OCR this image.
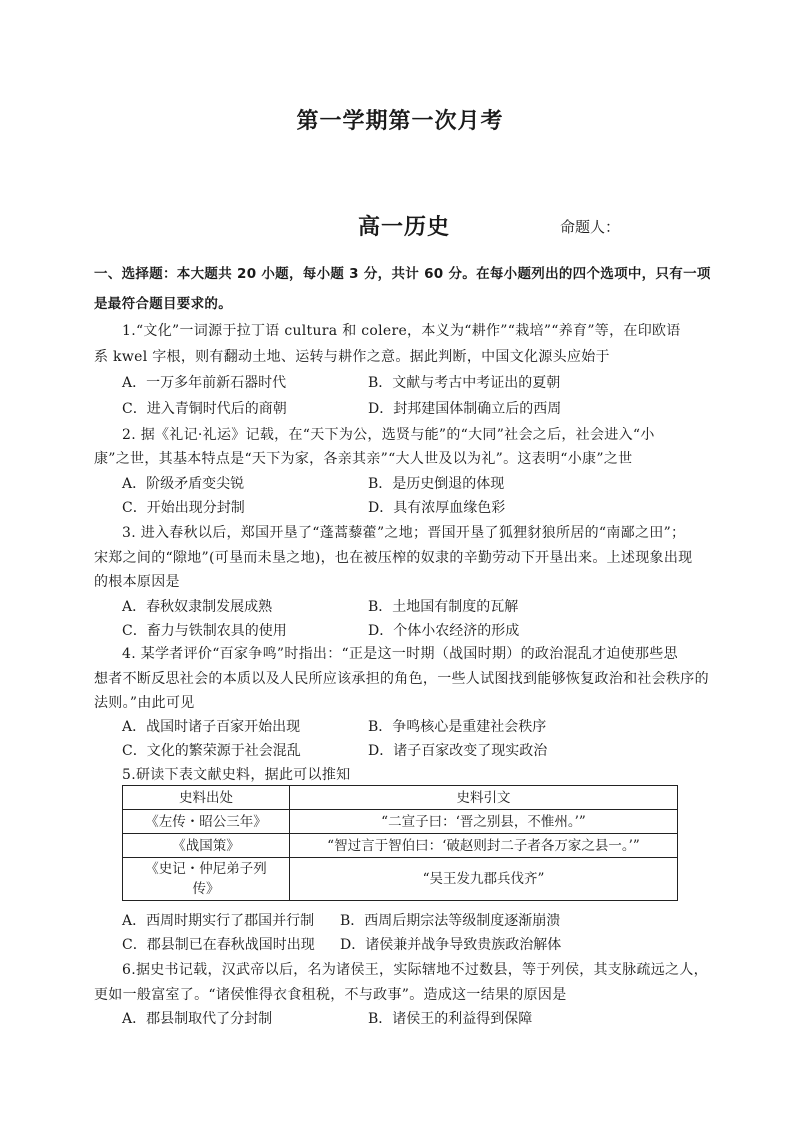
第一学期第一次月考
高一历史	命题人：
一、选择题：本大题共 20 小题，每小题 3 分，共计 60 分。在每小题列出的四个选项中，只有一项
是最符合题目要求的。
1.“文化”一词源于拉丁语 cultura 和 colere，本义为“耕作”“栽培”“养育”等，在印欧语
系 kwel 字根，则有翻动土地、运转与耕作之意。据此判断，中国文化源头应始于
A．一万多年前新石器时代	B．文献与考古中考证出的夏朝
C．进入青铜时代后的商朝	D．封邦建国体制确立后的西周
2. 据《礼记·礼运》记载，在“天下为公，选贤与能”的“大同”社会之后，社会进入“小
康”之世，其基本特点是“天下为家，各亲其亲”“大人世及以为礼”。这表明“小康”之世
A．阶级矛盾变尖锐	B．是历史倒退的体现
C．开始出现分封制	D．具有浓厚血缘色彩
3. 进入春秋以后，郑国开垦了“蓬蒿藜藿”之地；晋国开垦了狐狸豺狼所居的“南鄙之田”；
宋郑之间的“隙地”(可垦而未垦之地)，也在被压榨的奴隶的辛勤劳动下开垦出来。上述现象出现
的根本原因是
A．春秋奴隶制发展成熟	B．土地国有制度的瓦解
C．畜力与铁制农具的使用	D．个体小农经济的形成
4. 某学者评价“百家争鸣”时指出：“正是这一时期（战国时期）的政治混乱才迫使那些思
想者不断反思社会的本质以及人民所应该承担的角色，一些人试图找到能够恢复政治和社会秩序的
法则。”由此可见
A．战国时诸子百家开始出现	B．争鸣核心是重建社会秩序
C．文化的繁荣源于社会混乱	D．诸子百家改变了现实政治
5.研读下表文献史料，据此可以推知
史料出处	史料引文
《左传・昭公三年》	“二宣子曰：‘晋之别县，不惟州。’”
《战国策》	“智过言于智伯曰：‘破赵则封二子者各万家之县一。’”

《史记・仲尼弟子列
传》	“吴王发九郡兵伐齐”
A．西周时期实行了郡国并行制 B．西周后期宗法等级制度逐渐崩溃
C．郡县制已在春秋战国时出现 D．诸侯兼并战争导致贵族政治解体
6.据史书记载，汉武帝以后，名为诸侯王，实际辖地不过数县，等于列侯，其支脉疏远之人，
更如一般富室了。“诸侯惟得衣食租税，不与政事”。造成这一结果的原因是
A．郡县制取代了分封制	B．诸侯王的利益得到保障
